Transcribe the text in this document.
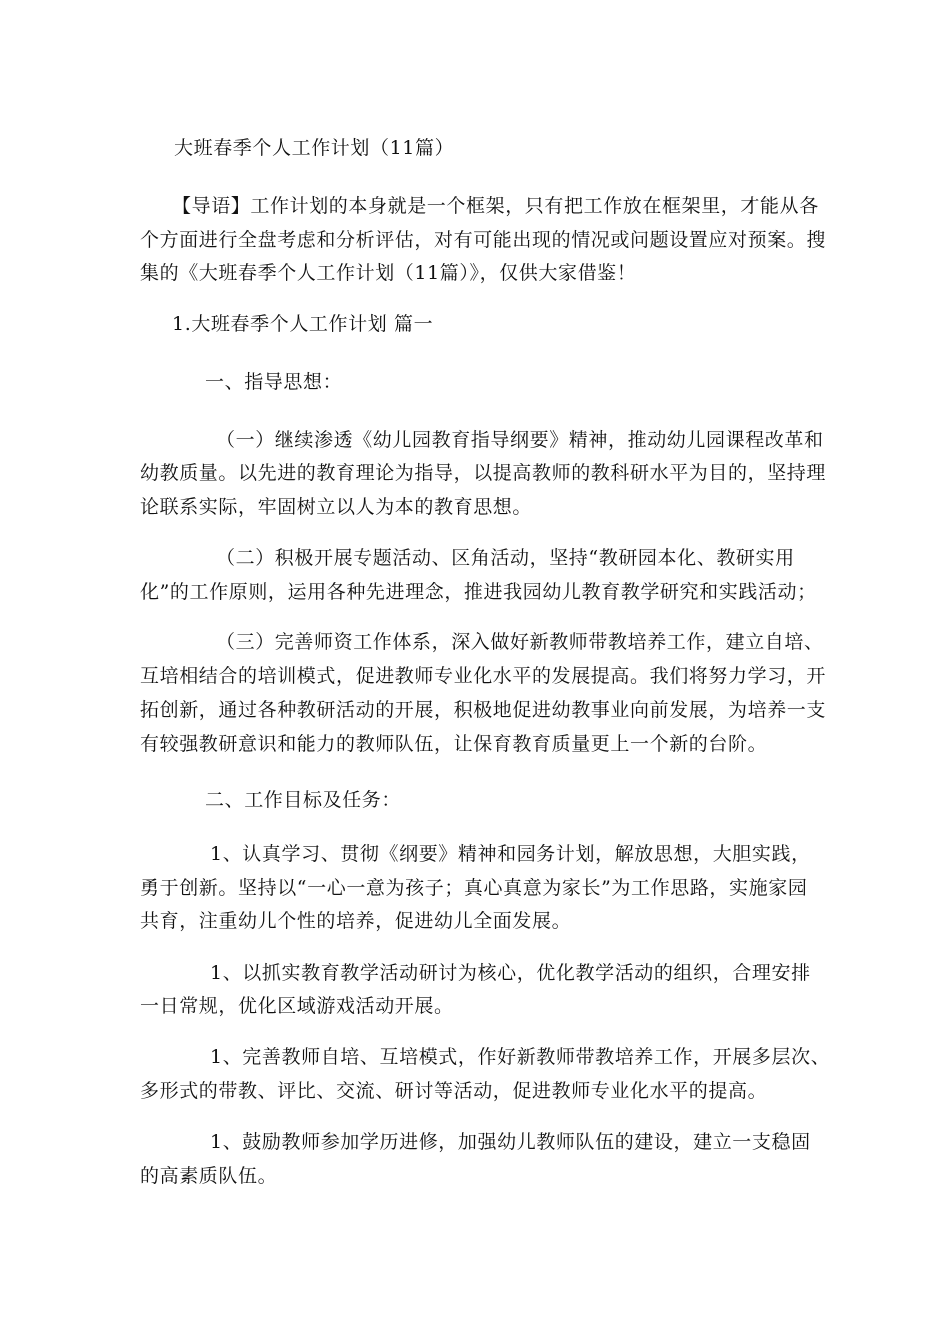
大班春季个人工作计划（11篇）
【导语】工作计划的本身就是一个框架，只有把工作放在框架里，才能从各
个方面进行全盘考虑和分析评估，对有可能出现的情况或问题设置应对预案。搜
集的《大班春季个人工作计划（11篇）》，仅供大家借鉴！
1.大班春季个人工作计划 篇一
一、指导思想：
（一）继续渗透《幼儿园教育指导纲要》精神，推动幼儿园课程改革和
幼教质量。以先进的教育理论为指导，以提高教师的教科研水平为目的，坚持理
论联系实际，牢固树立以人为本的教育思想。
（二）积极开展专题活动、区角活动，坚持“教研园本化、教研实用
化”的工作原则，运用各种先进理念，推进我园幼儿教育教学研究和实践活动；
（三）完善师资工作体系，深入做好新教师带教培养工作，建立自培、
互培相结合的培训模式，促进教师专业化水平的发展提高。我们将努力学习，开
拓创新，通过各种教研活动的开展，积极地促进幼教事业向前发展，为培养一支
有较强教研意识和能力的教师队伍，让保育教育质量更上一个新的台阶。
二、工作目标及任务：
1、认真学习、贯彻《纲要》精神和园务计划，解放思想，大胆实践，
勇于创新。坚持以“一心一意为孩子；真心真意为家长”为工作思路，实施家园
共育，注重幼儿个性的培养，促进幼儿全面发展。
1、以抓实教育教学活动研讨为核心，优化教学活动的组织，合理安排
一日常规，优化区域游戏活动开展。
1、完善教师自培、互培模式，作好新教师带教培养工作，开展多层次、
多形式的带教、评比、交流、研讨等活动，促进教师专业化水平的提高。
1、鼓励教师参加学历进修，加强幼儿教师队伍的建设，建立一支稳固
的高素质队伍。
